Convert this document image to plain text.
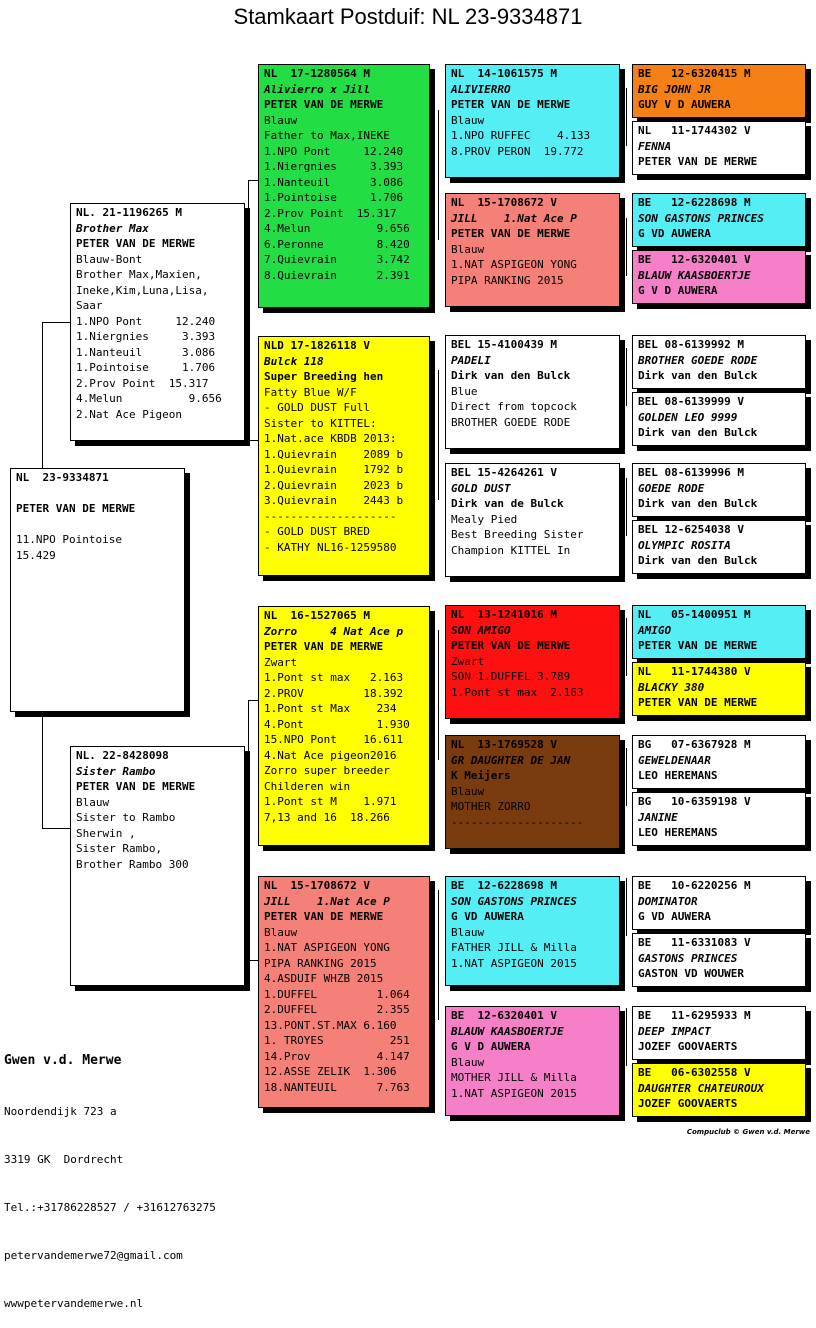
Stamkaart Postduif: NL 23-9334871
NL  23-9334871

PETER VAN DE MERWE

11.NPO Pointoise
15.429
NL. 21-1196265 M
Brother Max
PETER VAN DE MERWE
Blauw-Bont
Brother Max,Maxien,
Ineke,Kim,Luna,Lisa,
Saar
1.NPO Pont     12.240
1.Niergnies     3.393
1.Nanteuil      3.086
1.Pointoise     1.706
2.Prov Point  15.317
4.Melun          9.656
2.Nat Ace Pigeon
NL. 22-8428098
Sister Rambo
PETER VAN DE MERWE
Blauw
Sister to Rambo
Sherwin ,
Sister Rambo,
Brother Rambo 300
NL  17-1280564 M
Alivierro x Jill
PETER VAN DE MERWE
Blauw
Father to Max,INEKE
1.NPO Pont     12.240
1.Niergnies     3.393
1.Nanteuil      3.086
1.Pointoise     1.706
2.Prov Point  15.317
4.Melun          9.656
6.Peronne        8.420
7.Quievrain      3.742
8.Quievrain      2.391
NLD 17-1826118 V
Bulck 118
Super Breeding hen
Fatty Blue W/F
- GOLD DUST Full
Sister to KITTEL:
1.Nat.ace KBDB 2013:
1.Quievrain    2089 b
1.Quievrain    1792 b
2.Quievrain    2023 b
3.Quievrain    2443 b
--------------------
- GOLD DUST BRED
- KATHY NL16-1259580
NL  16-1527065 M
Zorro     4 Nat Ace p
PETER VAN DE MERWE
Zwart
1.Pont st max   2.163
2.PROV         18.392
1.Pont st Max    234
4.Pont           1.930
15.NPO Pont    16.611
4.Nat Ace pigeon2016
Zorro super breeder
Childeren win
1.Pont st M    1.971
7,13 and 16  18.266
NL  15-1708672 V
JILL    1.Nat Ace P
PETER VAN DE MERWE
Blauw
1.NAT ASPIGEON YONG
PIPA RANKING 2015
4.ASDUIF WHZB 2015
1.DUFFEL         1.064
2.DUFFEL         2.355
13.PONT.ST.MAX 6.160
1. TROYES          251
14.Prov          4.147
12.ASSE ZELIK  1.306
18.NANTEUIL      7.763
NL  14-1061575 M
ALIVIERRO
PETER VAN DE MERWE
Blauw
1.NPO RUFFEC    4.133
8.PROV PERON  19.772
NL  15-1708672 V
JILL    1.Nat Ace P
PETER VAN DE MERWE
Blauw
1.NAT ASPIGEON YONG
PIPA RANKING 2015
BEL 15-4100439 M
PADELI
Dirk van den Bulck
Blue
Direct from topcock
BROTHER GOEDE RODE
BEL 15-4264261 V
GOLD DUST
Dirk van de Bulck
Mealy Pied
Best Breeding Sister
Champion KITTEL In
NL  13-1241016 M
SON AMIGO
PETER VAN DE MERWE
Zwart
SON 1.DUFFEL 3.789
1.Pont st max  2.163
NL  13-1769528 V
GR DAUGHTER DE JAN
K Meijers
Blauw
MOTHER ZORRO
--------------------
BE  12-6228698 M
SON GASTONS PRINCES
G VD AUWERA
Blauw
FATHER JILL & Milla
1.NAT ASPIGEON 2015
BE  12-6320401 V
BLAUW KAASBOERTJE
G V D AUWERA
Blauw
MOTHER JILL & Milla
1.NAT ASPIGEON 2015
BE   12-6320415 M
BIG JOHN JR
GUY V D AUWERA
NL   11-1744302 V
FENNA
PETER VAN DE MERWE
BE   12-6228698 M
SON GASTONS PRINCES
G VD AUWERA
BE   12-6320401 V
BLAUW KAASBOERTJE
G V D AUWERA
BEL 08-6139992 M
BROTHER GOEDE RODE
Dirk van den Bulck
BEL 08-6139999 V
GOLDEN LEO 9999
Dirk van den Bulck
BEL 08-6139996 M
GOEDE RODE
Dirk van den Bulck
BEL 12-6254038 V
OLYMPIC ROSITA
Dirk van den Bulck
NL   05-1400951 M
AMIGO
PETER VAN DE MERWE
NL   11-1744380 V
BLACKY 380
PETER VAN DE MERWE
BG   07-6367928 M
GEWELDENAAR
LEO HEREMANS
BG   10-6359198 V
JANINE
LEO HEREMANS
BE   10-6220256 M
DOMINATOR
G VD AUWERA
BE   11-6331083 V
GASTONS PRINCES
GASTON VD WOUWER
BE   11-6295933 M
DEEP IMPACT
JOZEF GOOVAERTS
BE   06-6302558 V
DAUGHTER CHATEUROUX
JOZEF GOOVAERTS

Gwen v.d. Merwe

Noordendijk 723 a

3319 GK  Dordrecht

Tel.:+31786228527 / +31612763275

petervandemerwe72@gmail.com

wwwpetervandemerwe.nl

Compuclub © Gwen v.d. Merwe
